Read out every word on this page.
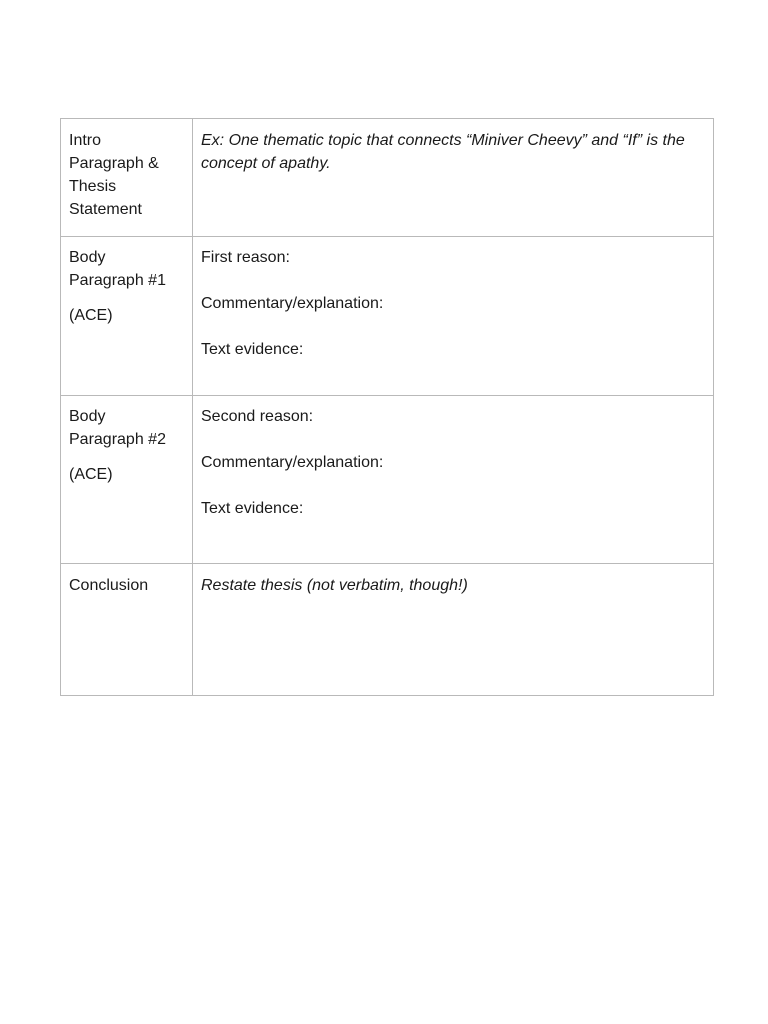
Intro
Paragraph &
Thesis
Statement	Ex: One thematic topic that connects “Miniver Cheevy” and “If” is the concept of apathy.

Body
Paragraph #1
(ACE)	First reason:
Commentary/explanation:
Text evidence:

Body
Paragraph #2
(ACE)	Second reason:
Commentary/explanation:
Text evidence:

Conclusion	Restate thesis (not verbatim, though!)
